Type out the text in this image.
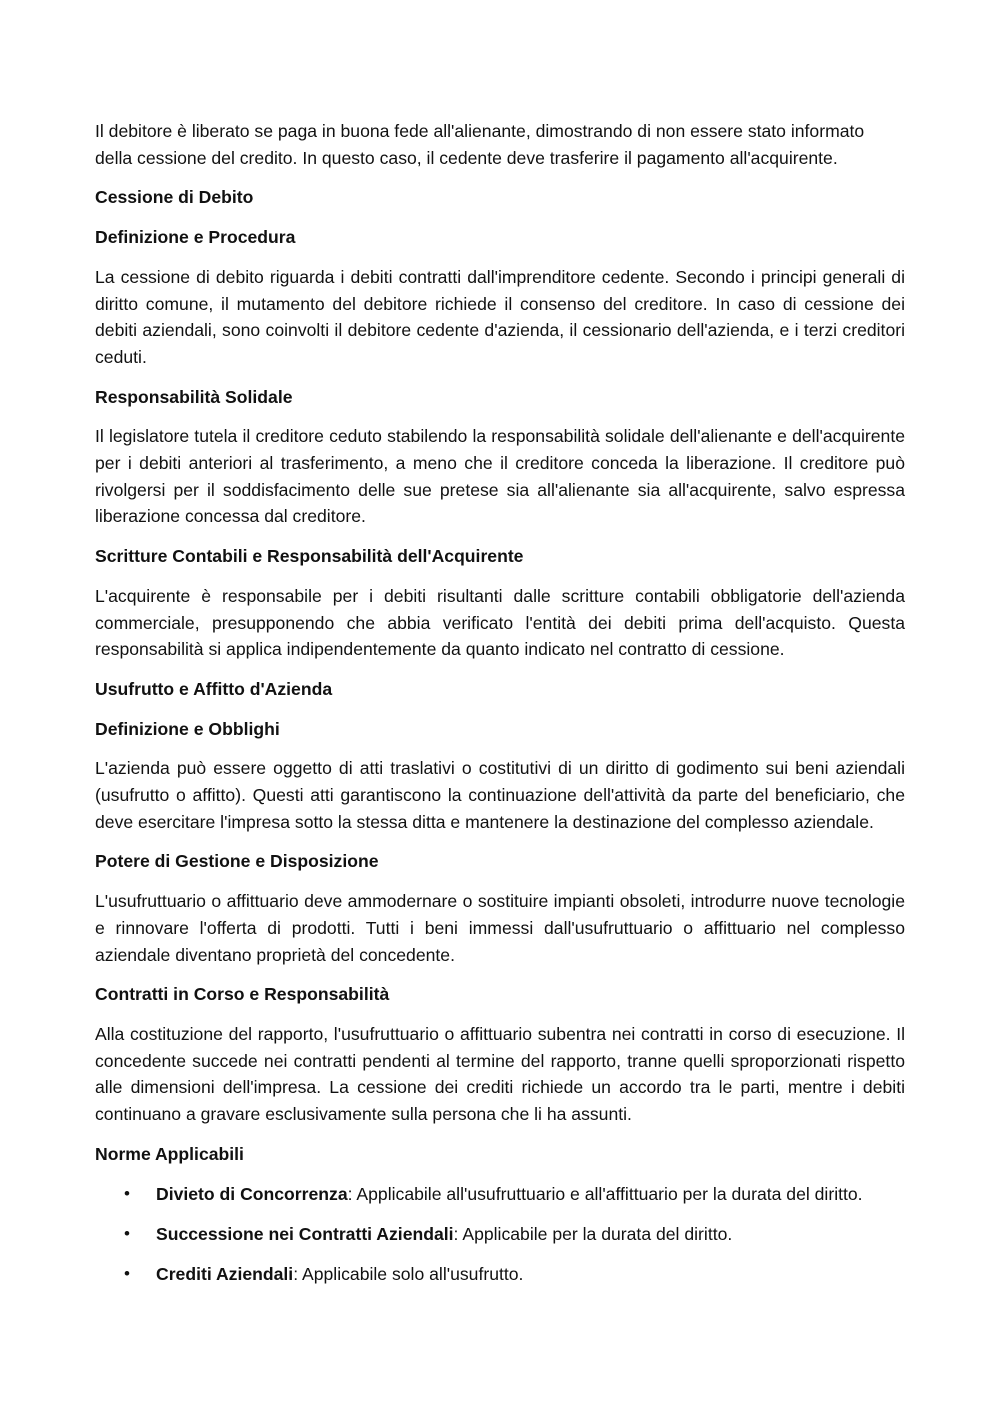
Il debitore è liberato se paga in buona fede all'alienante, dimostrando di non essere stato informato della cessione del credito. In questo caso, il cedente deve trasferire il pagamento all'acquirente.

Cessione di Debito

Definizione e Procedura

La cessione di debito riguarda i debiti contratti dall'imprenditore cedente. Secondo i principi generali di diritto comune, il mutamento del debitore richiede il consenso del creditore. In caso di cessione dei debiti aziendali, sono coinvolti il debitore cedente d'azienda, il cessionario dell'azienda, e i terzi creditori ceduti.

Responsabilità Solidale

Il legislatore tutela il creditore ceduto stabilendo la responsabilità solidale dell'alienante e dell'acquirente per i debiti anteriori al trasferimento, a meno che il creditore conceda la liberazione. Il creditore può rivolgersi per il soddisfacimento delle sue pretese sia all'alienante sia all'acquirente, salvo espressa liberazione concessa dal creditore.

Scritture Contabili e Responsabilità dell'Acquirente

L'acquirente è responsabile per i debiti risultanti dalle scritture contabili obbligatorie dell'azienda commerciale, presupponendo che abbia verificato l'entità dei debiti prima dell'acquisto. Questa responsabilità si applica indipendentemente da quanto indicato nel contratto di cessione.

Usufrutto e Affitto d'Azienda

Definizione e Obblighi

L'azienda può essere oggetto di atti traslativi o costitutivi di un diritto di godimento sui beni aziendali (usufrutto o affitto). Questi atti garantiscono la continuazione dell'attività da parte del beneficiario, che deve esercitare l'impresa sotto la stessa ditta e mantenere la destinazione del complesso aziendale.

Potere di Gestione e Disposizione

L'usufruttuario o affittuario deve ammodernare o sostituire impianti obsoleti, introdurre nuove tecnologie e rinnovare l'offerta di prodotti. Tutti i beni immessi dall'usufruttuario o affittuario nel complesso aziendale diventano proprietà del concedente.

Contratti in Corso e Responsabilità

Alla costituzione del rapporto, l'usufruttuario o affittuario subentra nei contratti in corso di esecuzione. Il concedente succede nei contratti pendenti al termine del rapporto, tranne quelli sproporzionati rispetto alle dimensioni dell'impresa. La cessione dei crediti richiede un accordo tra le parti, mentre i debiti continuano a gravare esclusivamente sulla persona che li ha assunti.

Norme Applicabili

• Divieto di Concorrenza: Applicabile all'usufruttuario e all'affittuario per la durata del diritto.
• Successione nei Contratti Aziendali: Applicabile per la durata del diritto.
• Crediti Aziendali: Applicabile solo all'usufrutto.
